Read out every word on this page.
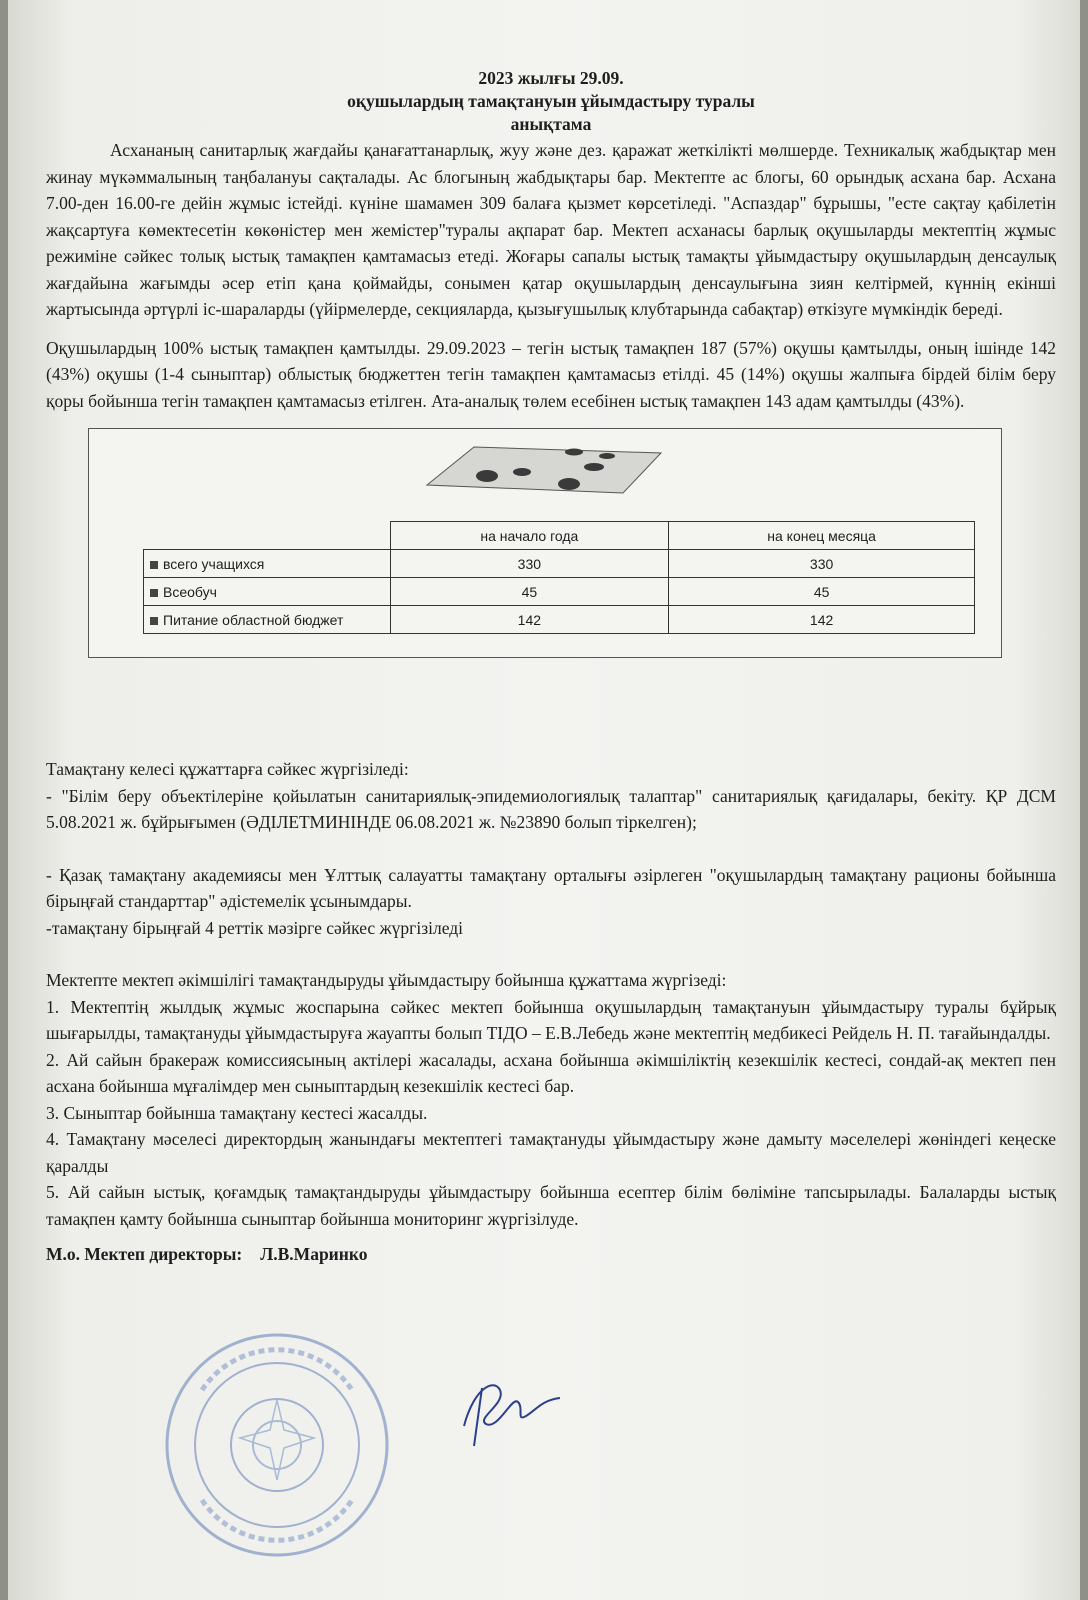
2023 жылғы 29.09.
оқушылардың тамақтануын ұйымдастыру туралы
анықтама

Асхананың санитарлық жағдайы қанағаттанарлық, жуу және дез. қаражат жеткілікті мөлшерде. Техникалық жабдықтар мен жинау мүкәммалының таңбалануы сақталады. Ас блогының жабдықтары бар. Мектепте ас блогы, 60 орындық асхана бар. Асхана 7.00-ден 16.00-ге дейін жұмыс істейді. күніне шамамен 309 балаға қызмет көрсетіледі. "Аспаздар" бұрышы, "есте сақтау қабілетін жақсартуға көмектесетін көкөністер мен жемістер"туралы ақпарат бар. Мектеп асханасы барлық оқушыларды мектептің жұмыс режиміне сәйкес толық ыстық тамақпен қамтамасыз етеді. Жоғары сапалы ыстық тамақты ұйымдастыру оқушылардың денсаулық жағдайына жағымды әсер етіп қана қоймайды, сонымен қатар оқушылардың денсаулығына зиян келтірмей, күннің екінші жартысында әртүрлі іс-шараларды (үйірмелерде, секцияларда, қызығушылық клубтарында сабақтар) өткізуге мүмкіндік береді.

Оқушылардың 100% ыстық тамақпен қамтылды. 29.09.2023 – тегін ыстық тамақпен 187 (57%) оқушы қамтылды, оның ішінде 142 (43%) оқушы (1-4 сыныптар) облыстық бюджеттен тегін тамақпен қамтамасыз етілді. 45 (14%) оқушы жалпыға бірдей білім беру қоры бойынша тегін тамақпен қамтамасыз етілген. Ата-аналық төлем есебінен ыстық тамақпен 143 адам қамтылды (43%).

	на начало года	на конец месяца
всего учащихся	330	330
Всеобуч	45	45
Питание областной бюджет	142	142

Тамақтану келесі құжаттарға сәйкес жүргізіледі:

- "Білім беру объектілеріне қойылатын санитариялық-эпидемиологиялық талаптар" санитариялық қағидалары, бекіту. ҚР ДСМ 5.08.2021 ж. бұйрығымен (ӘДІЛЕТМИНІНДЕ 06.08.2021 ж. №23890 болып тіркелген);

- Қазақ тамақтану академиясы мен Ұлттық салауатты тамақтану орталығы әзірлеген "оқушылардың тамақтану рационы бойынша бірыңғай стандарттар" әдістемелік ұсынымдары.

-тамақтану бірыңғай 4 реттік мәзірге сәйкес жүргізіледі

Мектепте мектеп әкімшілігі тамақтандыруды ұйымдастыру бойынша құжаттама жүргізеді:

1. Мектептің жылдық жұмыс жоспарына сәйкес мектеп бойынша оқушылардың тамақтануын ұйымдастыру туралы бұйрық шығарылды, тамақтануды ұйымдастыруға жауапты болып ТІДО – Е.В.Лебедь және мектептің медбикесі Рейдель Н. П. тағайындалды.

2. Ай сайын бракераж комиссиясының актілері жасалады, асхана бойынша әкімшіліктің кезекшілік кестесі, сондай-ақ мектеп пен асхана бойынша мұғалімдер мен сыныптардың кезекшілік кестесі бар.

3. Сыныптар бойынша тамақтану кестесі жасалды.

4. Тамақтану мәселесі директордың жанындағы мектептегі тамақтануды ұйымдастыру және дамыту мәселелері жөніндегі кеңеске қаралды

5. Ай сайын ыстық, қоғамдық тамақтандыруды ұйымдастыру бойынша есептер білім бөліміне тапсырылады. Балаларды ыстық тамақпен қамту бойынша сыныптар бойынша мониторинг жүргізілуде.

М.о. Мектеп директоры: Л.В.Маринко
